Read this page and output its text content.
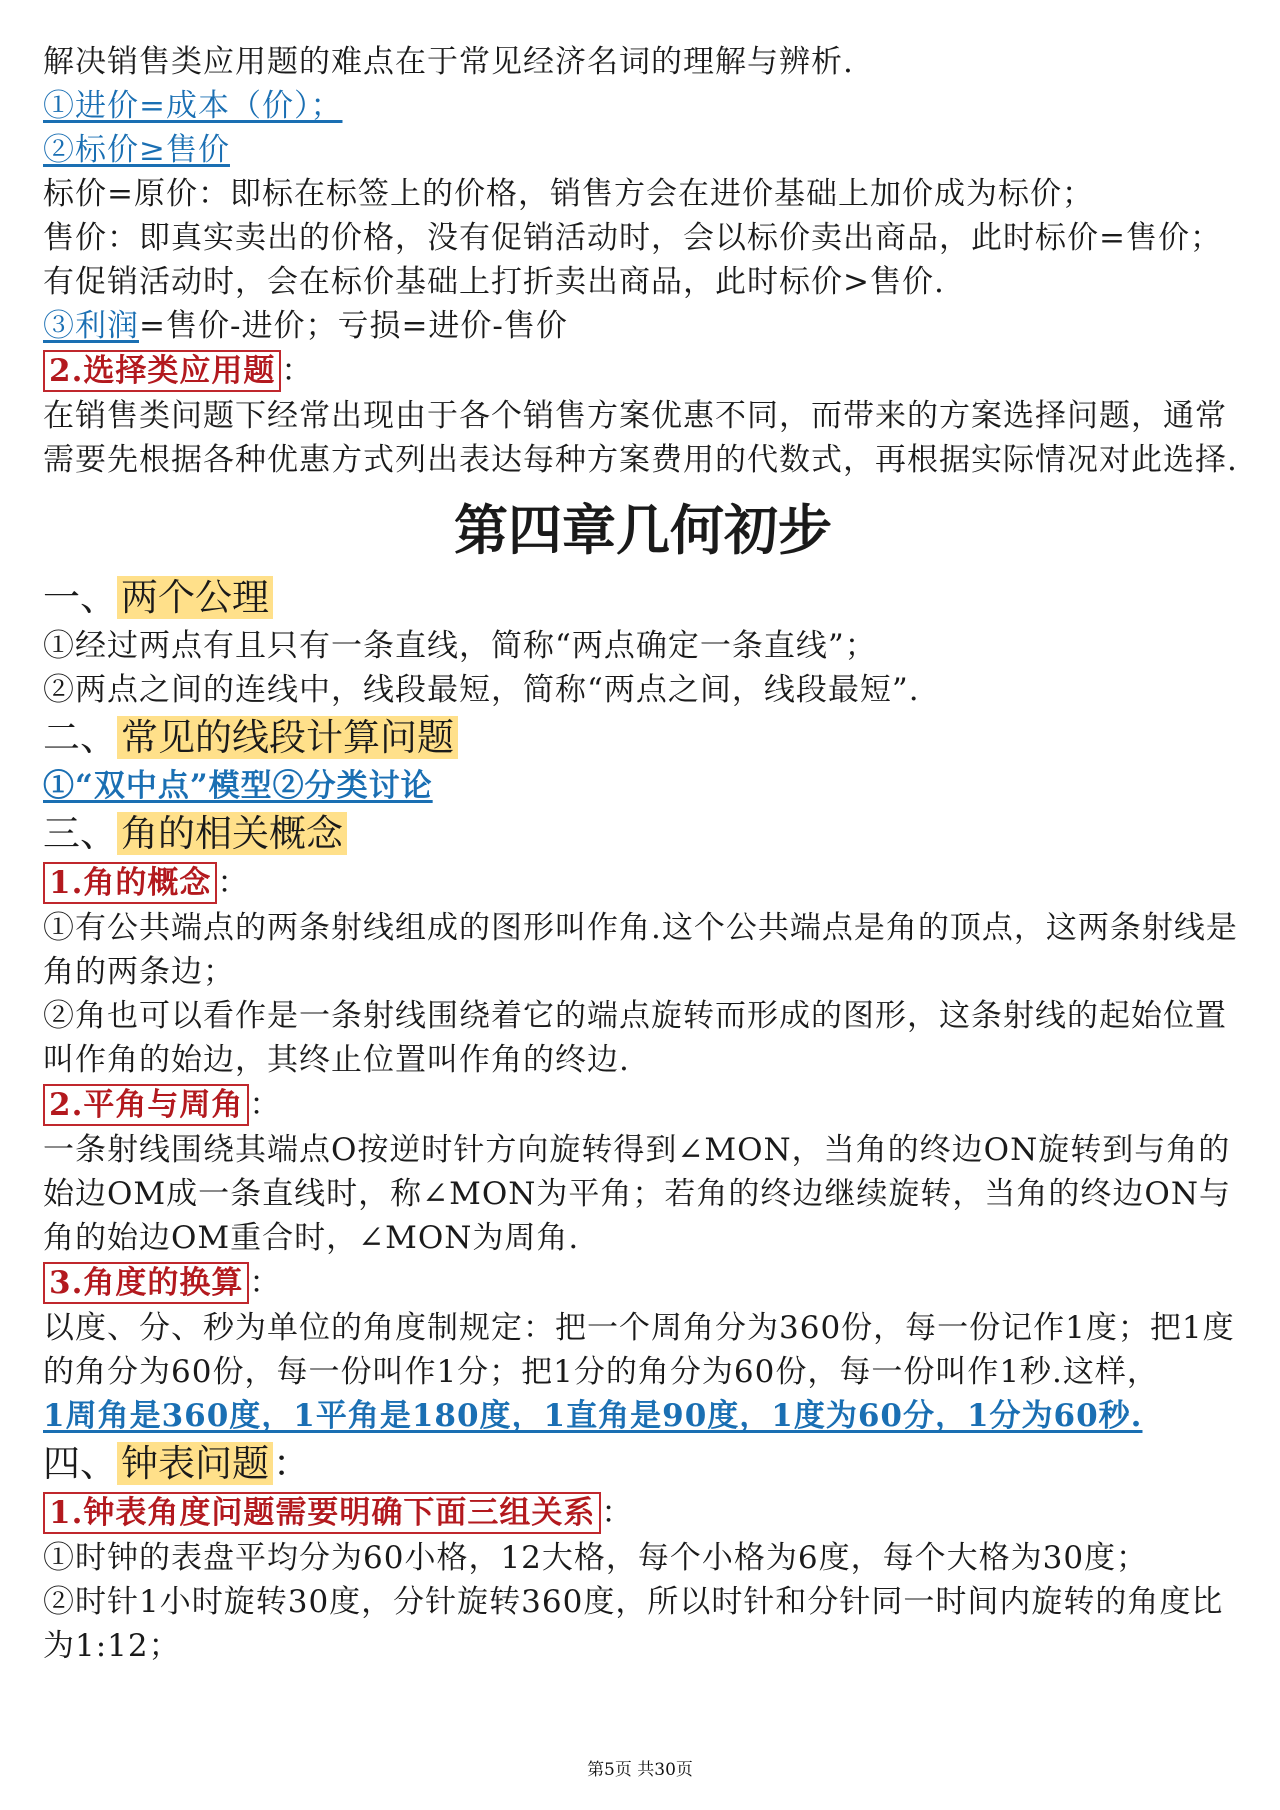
解决销售类应用题的难点在于常见经济名词的理解与辨析.
①进价=成本（价）；
②标价≥售价
标价=原价：即标在标签上的价格，销售方会在进价基础上加价成为标价；
售价：即真实卖出的价格，没有促销活动时，会以标价卖出商品，此时标价=售价；有促销活动时，会在标价基础上打折卖出商品，此时标价>售价.
③利润=售价-进价；亏损=进价-售价
2.选择类应用题 ：
在销售类问题下经常出现由于各个销售方案优惠不同，而带来的方案选择问题，通常需要先根据各种优惠方式列出表达每种方案费用的代数式，再根据实际情况对此选择.
第四章几何初步
一、 两个公理
①经过两点有且只有一条直线，简称“两点确定一条直线”；
②两点之间的连线中，线段最短，简称“两点之间，线段最短”.
二、 常见的线段计算问题
①“双中点”模型②分类讨论
三、 角的相关概念
1.角的概念 ：
①有公共端点的两条射线组成的图形叫作角.这个公共端点是角的顶点，这两条射线是角的两条边；
②角也可以看作是一条射线围绕着它的端点旋转而形成的图形，这条射线的起始位置叫作角的始边，其终止位置叫作角的终边.
2.平角与周角 ：
一条射线围绕其端点O按逆时针方向旋转得到∠MON，当角的终边ON旋转到与角的始边OM成一条直线时，称∠MON为平角；若角的终边继续旋转，当角的终边ON与角的始边OM重合时，∠MON为周角.
3.角度的换算 ：
以度、分、秒为单位的角度制规定：把一个周角分为360份，每一份记作1度；把1度的角分为60份，每一份叫作1分；把1分的角分为60份，每一份叫作1秒.这样，
1周角是360度，1平角是180度，1直角是90度，1度为60分，1分为60秒.
四、 钟表问题 ：
1.钟表角度问题需要明确下面三组关系 ：
①时钟的表盘平均分为60小格，12大格，每个小格为6度，每个大格为30度；
②时针1小时旋转30度，分针旋转360度，所以时针和分针同一时间内旋转的角度比为1:12；
第5页 共30页
